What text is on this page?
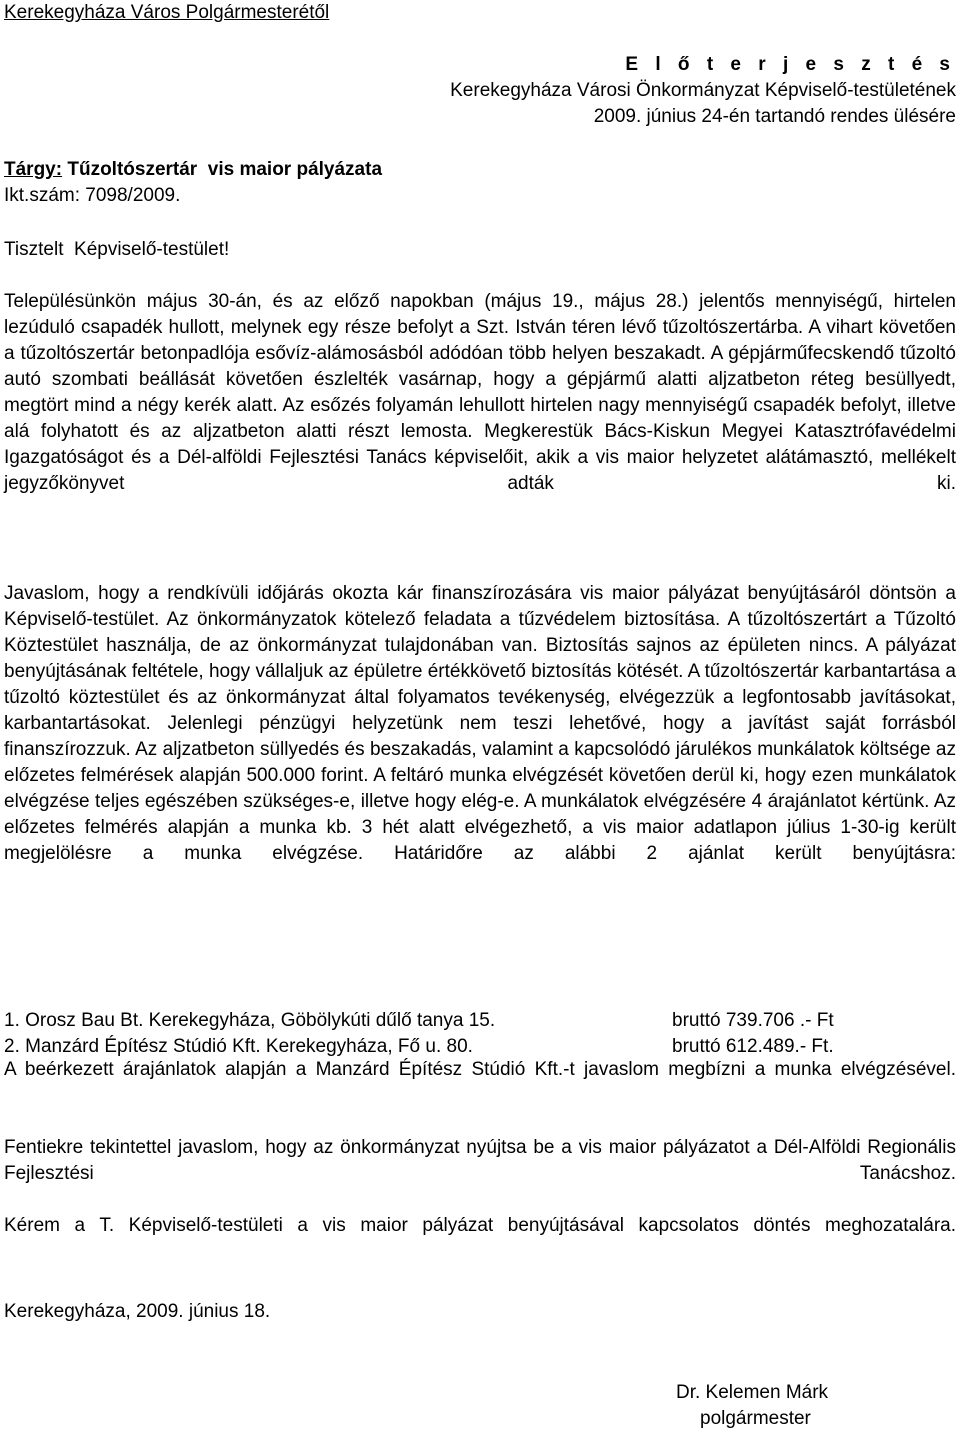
Kerekegyháza Város Polgármesterétől
E l ő t e r j e s z t é s
Kerekegyháza Városi Önkormányzat Képviselő-testületének
2009. június 24-én tartandó rendes ülésére
Tárgy: Tűzoltószertár  vis maior pályázata
Ikt.szám: 7098/2009.
Tisztelt  Képviselő-testület!

Településünkön május 30-án, és az előző napokban (május 19., május 28.) jelentős mennyiségű, hirtelen lezúduló csapadék hullott, melynek egy része befolyt a Szt. István téren lévő tűzoltószertárba. A vihart követően a tűzoltószertár betonpadlója esővíz-alámosásból adódóan több helyen beszakadt. A gépjárműfecskendő tűzoltó autó szombati beállását követően észlelték vasárnap, hogy a gépjármű alatti aljzatbeton réteg besüllyedt, megtört mind a négy kerék alatt. Az esőzés folyamán lehullott hirtelen nagy mennyiségű csapadék befolyt, illetve alá folyhatott és az aljzatbeton alatti részt lemosta. Megkerestük Bács-Kiskun Megyei Katasztrófavédelmi Igazgatóságot és a Dél-alföldi Fejlesztési Tanács képviselőit, akik a vis maior helyzetet alátámasztó, mellékelt jegyzőkönyvet adták ki.

Javaslom, hogy a rendkívüli időjárás okozta kár finanszírozására vis maior pályázat benyújtásáról döntsön a Képviselő-testület. Az önkormányzatok kötelező feladata a tűzvédelem biztosítása. A tűzoltószertárt a Tűzoltó Köztestület használja, de az önkormányzat tulajdonában van. Biztosítás sajnos az épületen nincs. A pályázat benyújtásának feltétele, hogy vállaljuk az épületre értékkövető biztosítás kötését. A tűzoltószertár karbantartása a tűzoltó köztestület és az önkormányzat által folyamatos tevékenység, elvégezzük a legfontosabb javításokat, karbantartásokat. Jelenlegi pénzügyi helyzetünk nem teszi lehetővé, hogy a javítást saját forrásból finanszírozzuk. Az aljzatbeton süllyedés és beszakadás, valamint a kapcsolódó járulékos munkálatok költsége az előzetes felmérések alapján 500.000 forint. A feltáró munka elvégzését követően derül ki, hogy ezen munkálatok elvégzése teljes egészében szükséges-e, illetve hogy elég-e. A munkálatok elvégzésére 4 árajánlatot kértünk. Az előzetes felmérés alapján a munka kb. 3 hét alatt elvégezhető, a vis maior adatlapon július 1-30-ig került megjelölésre a munka elvégzése. Határidőre az alábbi 2 ajánlat került benyújtásra:

1. Orosz Bau Bt. Kerekegyháza, Göbölykúti dűlő tanya 15.	bruttó 739.706 .- Ft
2. Manzárd Építész Stúdió Kft. Kerekegyháza, Fő u. 80.	bruttó 612.489.- Ft.

A beérkezett árajánlatok alapján a Manzárd Építész Stúdió Kft.-t javaslom megbízni a munka elvégzésével.

Fentiekre tekintettel javaslom, hogy az önkormányzat nyújtsa be a vis maior pályázatot a Dél-Alföldi Regionális Fejlesztési Tanácshoz.

Kérem a T. Képviselő-testületi a vis maior pályázat benyújtásával kapcsolatos döntés meghozatalára.

Kerekegyháza, 2009. június 18.
Dr. Kelemen Márk
polgármester
